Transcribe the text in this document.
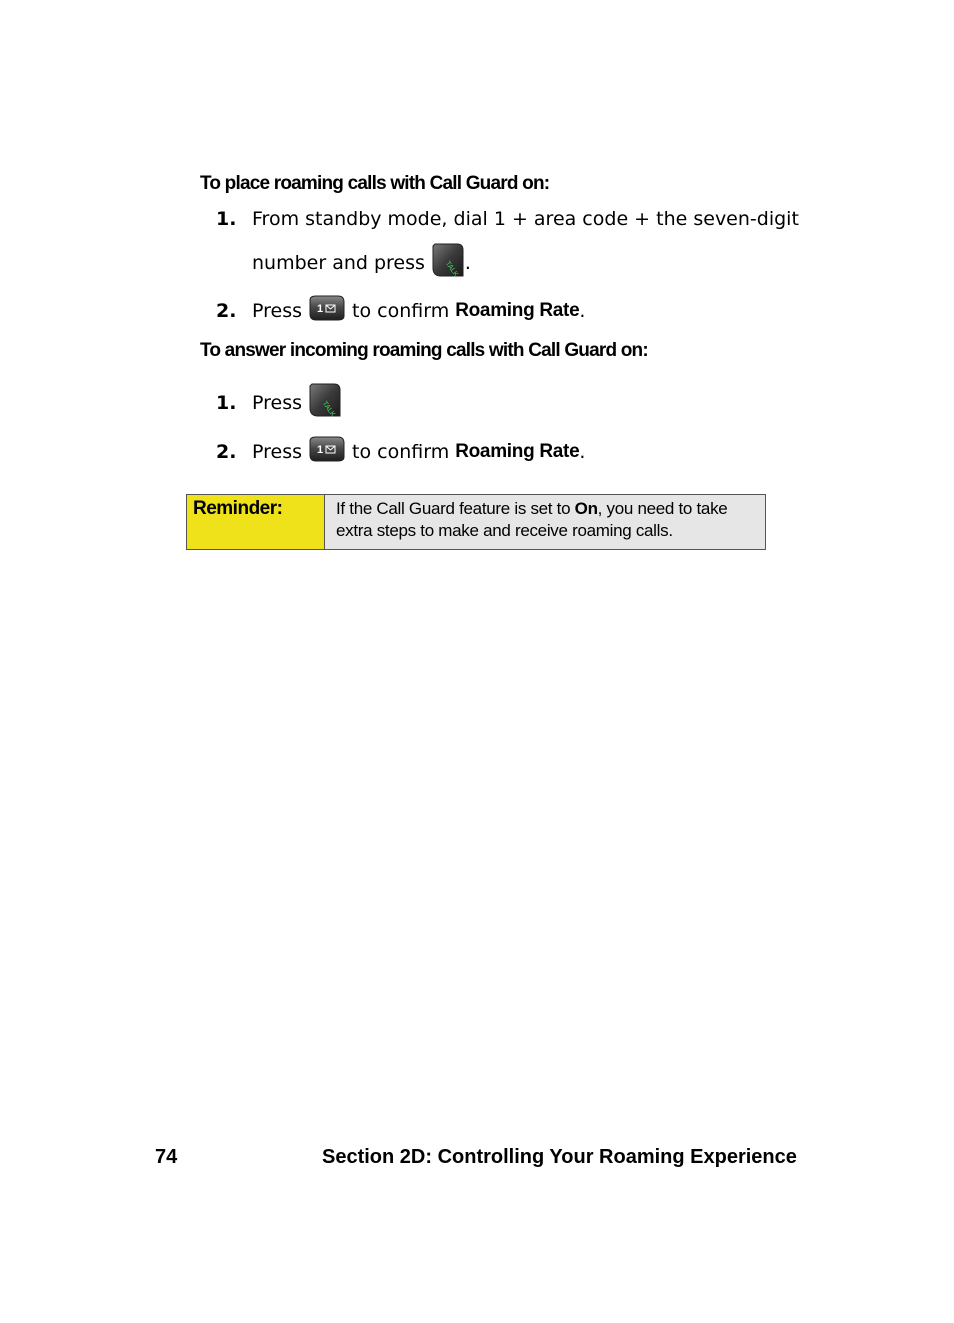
To place roaming calls with Call Guard on:
1. From standby mode, dial 1 + area code + the seven-digit
number and press	TALK .
2. Press 1 to confirm Roaming Rate .
To answer incoming roaming calls with Call Guard on:
1. Press	TALK
2. Press 1 to confirm Roaming Rate .
Reminder:	If the Call Guard feature is set to On, you need to take extra steps to make and receive roaming calls.
74	Section 2D: Controlling Your Roaming Experience
